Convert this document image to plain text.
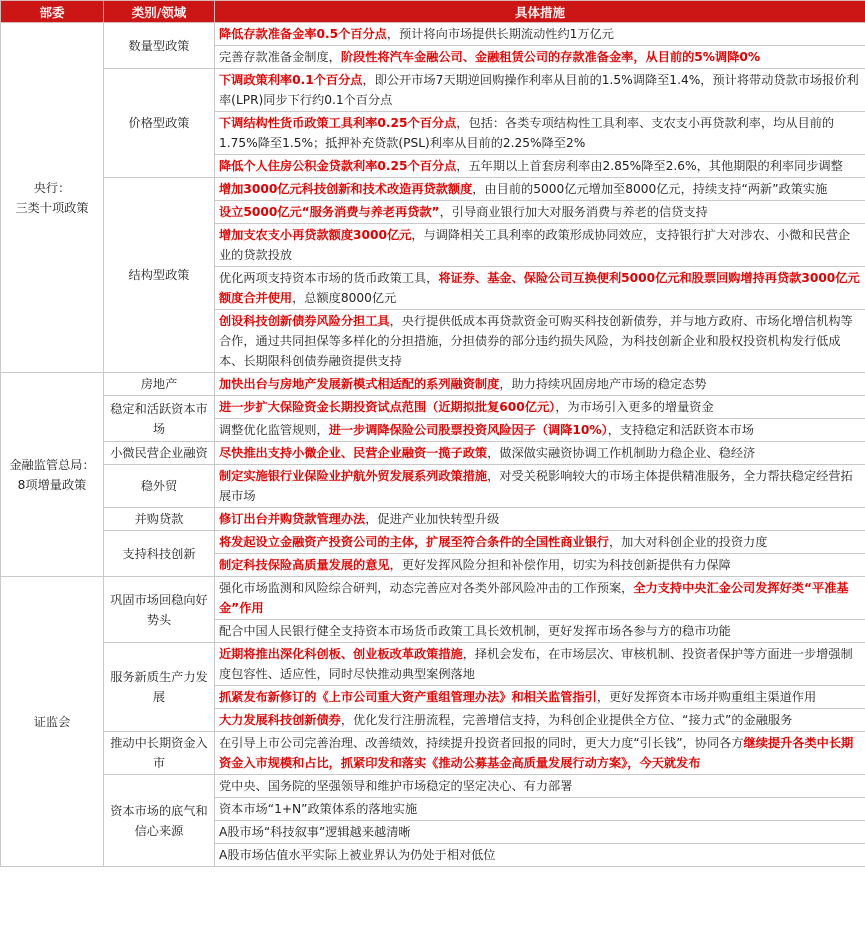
部委	类别/领域	具体措施
央行：
三类十项政策	数量型政策	降低存款准备金率0.5个百分点，预计将向市场提供长期流动性约1万亿元
		完善存款准备金制度，阶段性将汽车金融公司、金融租赁公司的存款准备金率，从目前的5%调降0%
	价格型政策	下调政策利率0.1个百分点，即公开市场7天期逆回购操作利率从目前的1.5%调降至1.4%，预计将带动贷款市场报价利率(LPR)同步下行约0.1个百分点
		下调结构性货币政策工具利率0.25个百分点，包括：各类专项结构性工具利率、支农支小再贷款利率，均从目前的1.75%降至1.5%；抵押补充贷款(PSL)利率从目前的2.25%降至2%
		降低个人住房公积金贷款利率0.25个百分点，五年期以上首套房利率由2.85%降至2.6%，其他期限的利率同步调整
	结构型政策	增加3000亿元科技创新和技术改造再贷款额度，由目前的5000亿元增加至8000亿元，持续支持“两新”政策实施
		设立5000亿元“服务消费与养老再贷款”，引导商业银行加大对服务消费与养老的信贷支持
		增加支农支小再贷款额度3000亿元，与调降相关工具利率的政策形成协同效应，支持银行扩大对涉农、小微和民营企业的贷款投放
		优化两项支持资本市场的货币政策工具，将证券、基金、保险公司互换便利5000亿元和股票回购增持再贷款3000亿元额度合并使用，总额度8000亿元
		创设科技创新债券风险分担工具，央行提供低成本再贷款资金可购买科技创新债券，并与地方政府、市场化增信机构等合作，通过共同担保等多样化的分担措施，分担债券的部分违约损失风险，为科技创新企业和股权投资机构发行低成本、长期限科创债券融资提供支持
金融监管总局：
8项增量政策	房地产	加快出台与房地产发展新模式相适配的系列融资制度，助力持续巩固房地产市场的稳定态势
	稳定和活跃资本市场	进一步扩大保险资金长期投资试点范围（近期拟批复600亿元），为市场引入更多的增量资金
		调整优化监管规则，进一步调降保险公司股票投资风险因子（调降10%），支持稳定和活跃资本市场
	小微民营企业融资	尽快推出支持小微企业、民营企业融资一揽子政策，做深做实融资协调工作机制助力稳企业、稳经济
	稳外贸	制定实施银行业保险业护航外贸发展系列政策措施，对受关税影响较大的市场主体提供精准服务，全力帮扶稳定经营拓展市场
	并购贷款	修订出台并购贷款管理办法，促进产业加快转型升级
	支持科技创新	将发起设立金融资产投资公司的主体，扩展至符合条件的全国性商业银行，加大对科创企业的投资力度
		制定科技保险高质量发展的意见，更好发挥风险分担和补偿作用，切实为科技创新提供有力保障
证监会	巩固市场回稳向好势头	强化市场监测和风险综合研判，动态完善应对各类外部风险冲击的工作预案，全力支持中央汇金公司发挥好类“平准基金”作用
		配合中国人民银行健全支持资本市场货币政策工具长效机制，更好发挥市场各参与方的稳市功能
	服务新质生产力发展	近期将推出深化科创板、创业板改革政策措施，择机会发布，在市场层次、审核机制、投资者保护等方面进一步增强制度包容性、适应性，同时尽快推动典型案例落地
		抓紧发布新修订的《上市公司重大资产重组管理办法》和相关监管指引，更好发挥资本市场并购重组主渠道作用
		大力发展科技创新债券，优化发行注册流程，完善增信支持，为科创企业提供全方位、“接力式”的金融服务
	推动中长期资金入市	在引导上市公司完善治理、改善绩效，持续提升投资者回报的同时，更大力度“引长钱”，协同各方继续提升各类中长期资金入市规模和占比，抓紧印发和落实《推动公募基金高质量发展行动方案》，今天就发布
	资本市场的底气和信心来源	党中央、国务院的坚强领导和维护市场稳定的坚定决心、有力部署
		资本市场“1+N”政策体系的落地实施
		A股市场“科技叙事”逻辑越来越清晰
		A股市场估值水平实际上被业界认为仍处于相对低位
